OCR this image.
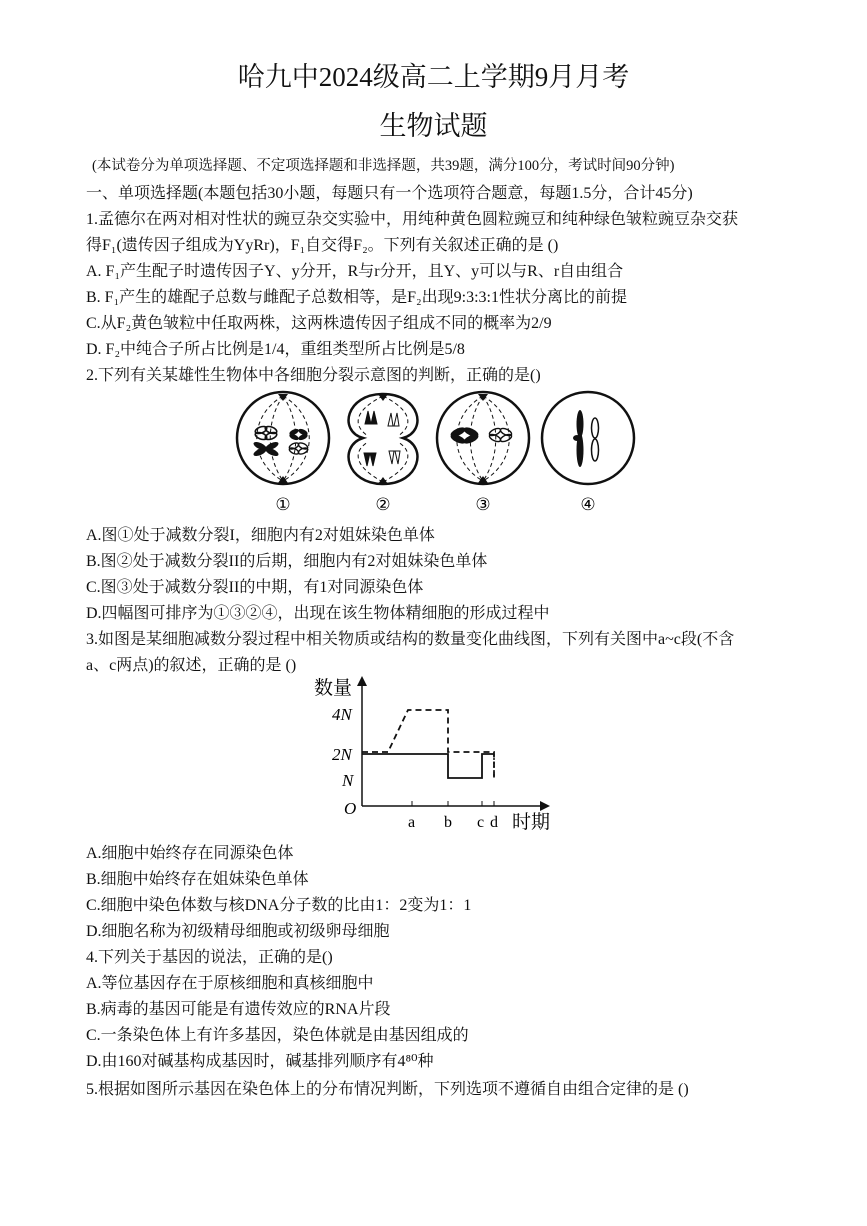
哈九中2024级高二上学期9月月考
生物试题
(本试卷分为单项选择题、不定项选择题和非选择题，共39题，满分100分，考试时间90分钟)
一、单项选择题(本题包括30小题，每题只有一个选项符合题意，每题1.5分，合计45分)
1.孟德尔在两对相对性状的豌豆杂交实验中，用纯种黄色圆粒豌豆和纯种绿色皱粒豌豆杂交获
得F₁(遗传因子组成为YyRr)，F₁自交得F₂。下列有关叙述正确的是 ()
A. F₁产生配子时遗传因子Y、y分开，R与r分开，且Y、y可以与R、r自由组合
B. F₁产生的雄配子总数与雌配子总数相等，是F₂出现9:3:3:1性状分离比的前提
C.从F₂黄色皱粒中任取两株，这两株遗传因子组成不同的概率为2/9
D. F₂中纯合子所占比例是1/4，重组类型所占比例是5/8
2.下列有关某雄性生物体中各细胞分裂示意图的判断，正确的是()
①	②	③	④
A.图①处于减数分裂I，细胞内有2对姐妹染色单体
B.图②处于减数分裂II的后期，细胞内有2对姐妹染色单体
C.图③处于减数分裂II的中期，有1对同源染色体
D.四幅图可排序为①③②④，出现在该生物体精细胞的形成过程中
3.如图是某细胞减数分裂过程中相关物质或结构的数量变化曲线图，下列有关图中a~c段(不含
a、c两点)的叙述，正确的是 ()
数量
时期
O
4N
2N
N
a b c d
A.细胞中始终存在同源染色体
B.细胞中始终存在姐妹染色单体
C.细胞中染色体数与核DNA分子数的比由1：2变为1：1
D.细胞名称为初级精母细胞或初级卵母细胞
4.下列关于基因的说法，正确的是()
A.等位基因存在于原核细胞和真核细胞中
B.病毒的基因可能是有遗传效应的RNA片段
C.一条染色体上有许多基因，染色体就是由基因组成的
D.由160对碱基构成基因时，碱基排列顺序有4⁸⁰种
5.根据如图所示基因在染色体上的分布情况判断，下列选项不遵循自由组合定律的是 ()
